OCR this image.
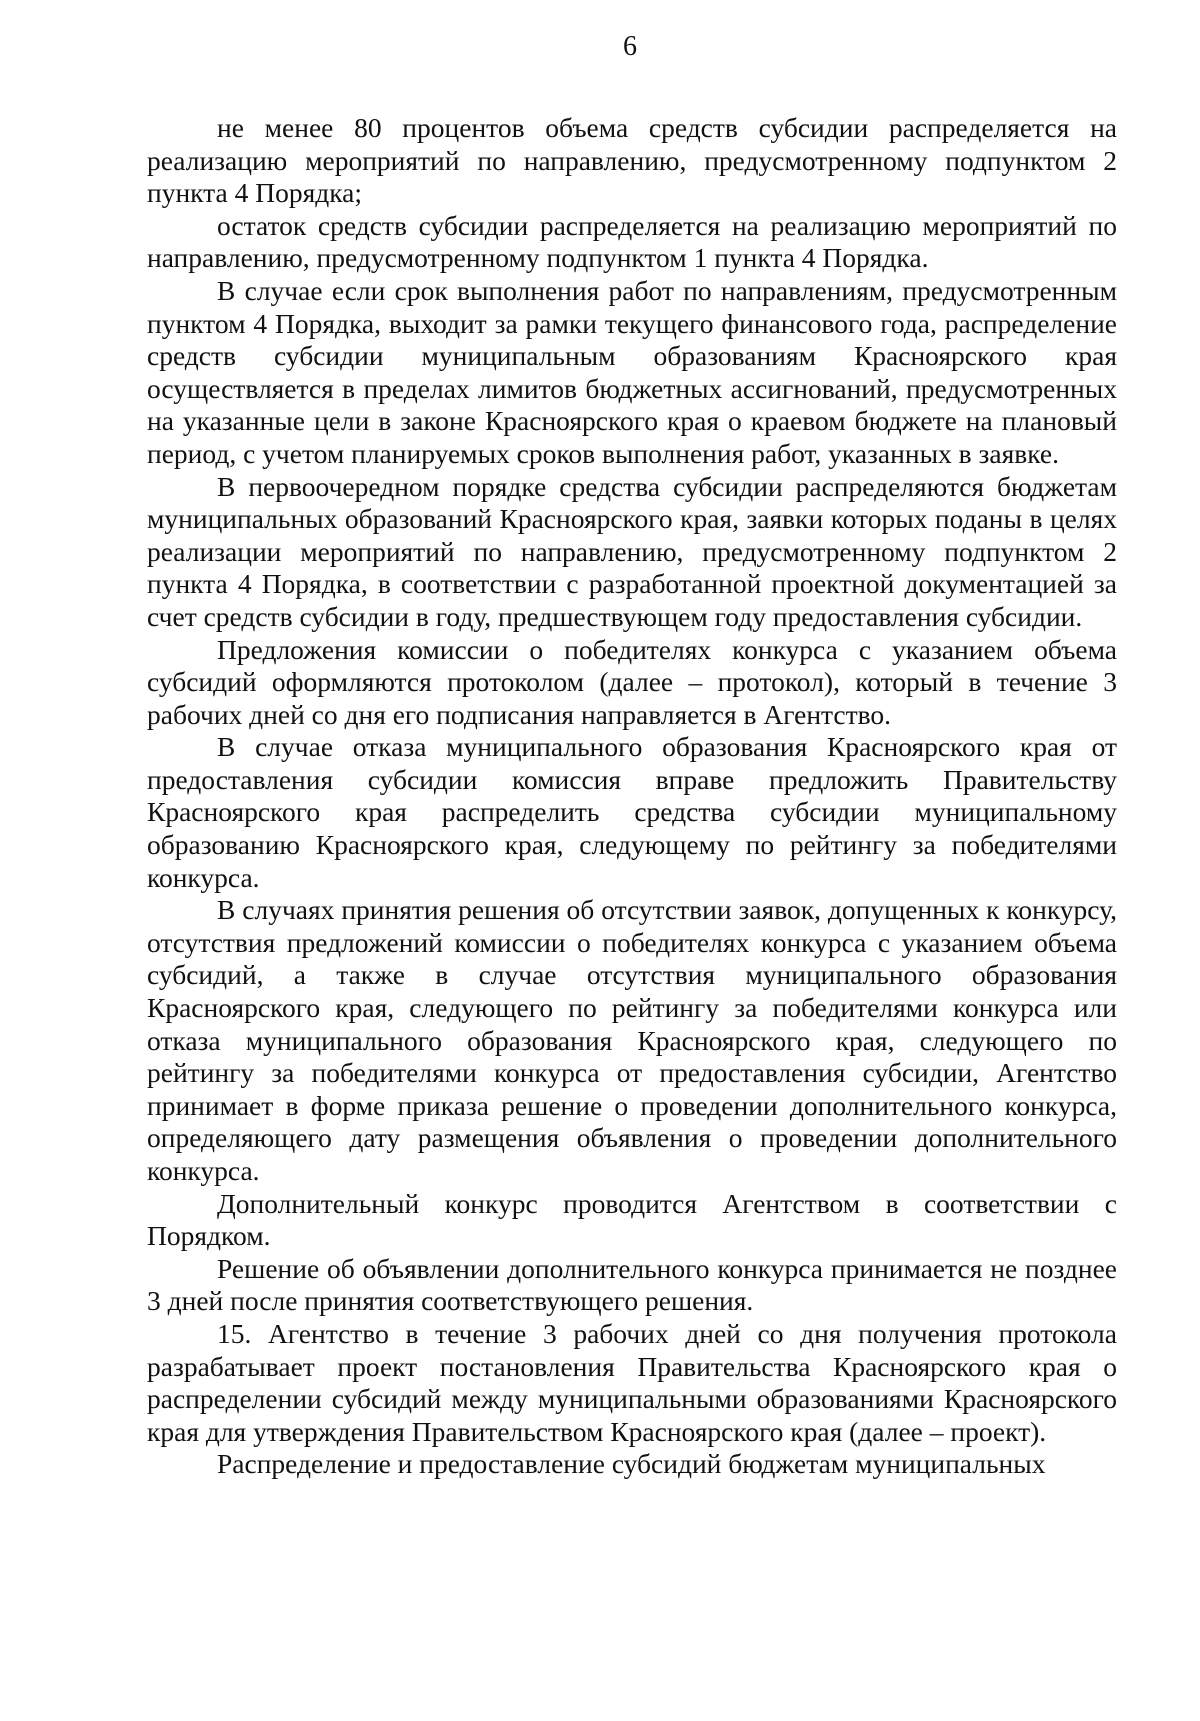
6

не менее 80 процентов объема средств субсидии распределяется на реализацию мероприятий по направлению, предусмотренному подпунктом 2 пункта 4 Порядка;

остаток средств субсидии распределяется на реализацию мероприятий по направлению, предусмотренному подпунктом 1 пункта 4 Порядка.

В случае если срок выполнения работ по направлениям, предусмотренным пунктом 4 Порядка, выходит за рамки текущего финансового года, распределение средств субсидии муниципальным образованиям Красноярского края осуществляется в пределах лимитов бюджетных ассигнований, предусмотренных на указанные цели в законе Красноярского края о краевом бюджете на плановый период, с учетом планируемых сроков выполнения работ, указанных в заявке.

В первоочередном порядке средства субсидии распределяются бюджетам муниципальных образований Красноярского края, заявки которых поданы в целях реализации мероприятий по направлению, предусмотренному подпунктом 2 пункта 4 Порядка, в соответствии с разработанной проектной документацией за счет средств субсидии в году, предшествующем году предоставления субсидии.

Предложения комиссии о победителях конкурса с указанием объема субсидий оформляются протоколом (далее – протокол), который в течение 3 рабочих дней со дня его подписания направляется в Агентство.

В случае отказа муниципального образования Красноярского края от предоставления субсидии комиссия вправе предложить Правительству Красноярского края распределить средства субсидии муниципальному образованию Красноярского края, следующему по рейтингу за победителями конкурса.

В случаях принятия решения об отсутствии заявок, допущенных к конкурсу, отсутствия предложений комиссии о победителях конкурса с указанием объема субсидий, а также в случае отсутствия муниципального образования Красноярского края, следующего по рейтингу за победителями конкурса или отказа муниципального образования Красноярского края, следующего по рейтингу за победителями конкурса от предоставления субсидии, Агентство принимает в форме приказа решение о проведении дополнительного конкурса, определяющего дату размещения объявления о проведении дополнительного конкурса.

Дополнительный конкурс проводится Агентством в соответствии с Порядком.

Решение об объявлении дополнительного конкурса принимается не позднее 3 дней после принятия соответствующего решения.

15. Агентство в течение 3 рабочих дней со дня получения протокола разрабатывает проект постановления Правительства Красноярского края о распределении субсидий между муниципальными образованиями Красноярского края для утверждения Правительством Красноярского края (далее – проект).

Распределение и предоставление субсидий бюджетам муниципальных
